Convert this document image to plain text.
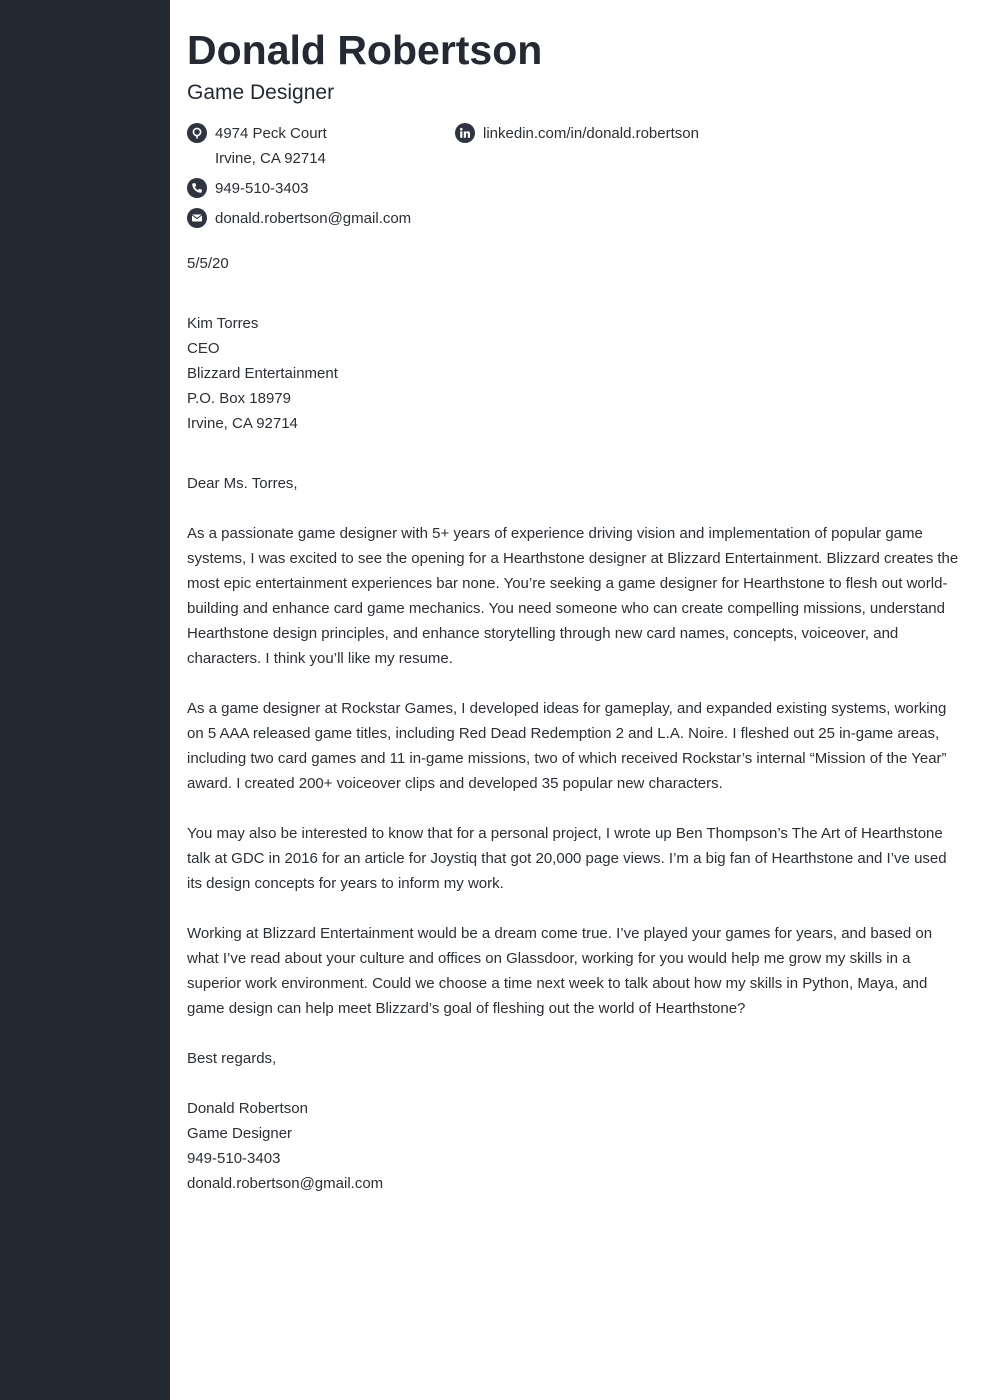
Donald Robertson
Game Designer
4974 Peck Court
Irvine, CA 92714
linkedin.com/in/donald.robertson
949-510-3403
donald.robertson@gmail.com
5/5/20
Kim Torres
CEO
Blizzard Entertainment
P.O. Box 18979
Irvine, CA 92714
Dear Ms. Torres,

As a passionate game designer with 5+ years of experience driving vision and implementation of popular game systems, I was excited to see the opening for a Hearthstone designer at Blizzard Entertainment. Blizzard creates the most epic entertainment experiences bar none. You’re seeking a game designer for Hearthstone to flesh out world-building and enhance card game mechanics. You need someone who can create compelling missions, understand Hearthstone design principles, and enhance storytelling through new card names, concepts, voiceover, and characters. I think you’ll like my resume.

As a game designer at Rockstar Games, I developed ideas for gameplay, and expanded existing systems, working on 5 AAA released game titles, including Red Dead Redemption 2 and L.A. Noire. I fleshed out 25 in-game areas, including two card games and 11 in-game missions, two of which received Rockstar’s internal “Mission of the Year” award. I created 200+ voiceover clips and developed 35 popular new characters.

You may also be interested to know that for a personal project, I wrote up Ben Thompson’s The Art of Hearthstone talk at GDC in 2016 for an article for Joystiq that got 20,000 page views. I’m a big fan of Hearthstone and I’ve used its design concepts for years to inform my work.

Working at Blizzard Entertainment would be a dream come true. I’ve played your games for years, and based on what I’ve read about your culture and offices on Glassdoor, working for you would help me grow my skills in a superior work environment. Could we choose a time next week to talk about how my skills in Python, Maya, and game design can help meet Blizzard’s goal of fleshing out the world of Hearthstone?

Best regards,
Donald Robertson
Game Designer
949-510-3403
donald.robertson@gmail.com
